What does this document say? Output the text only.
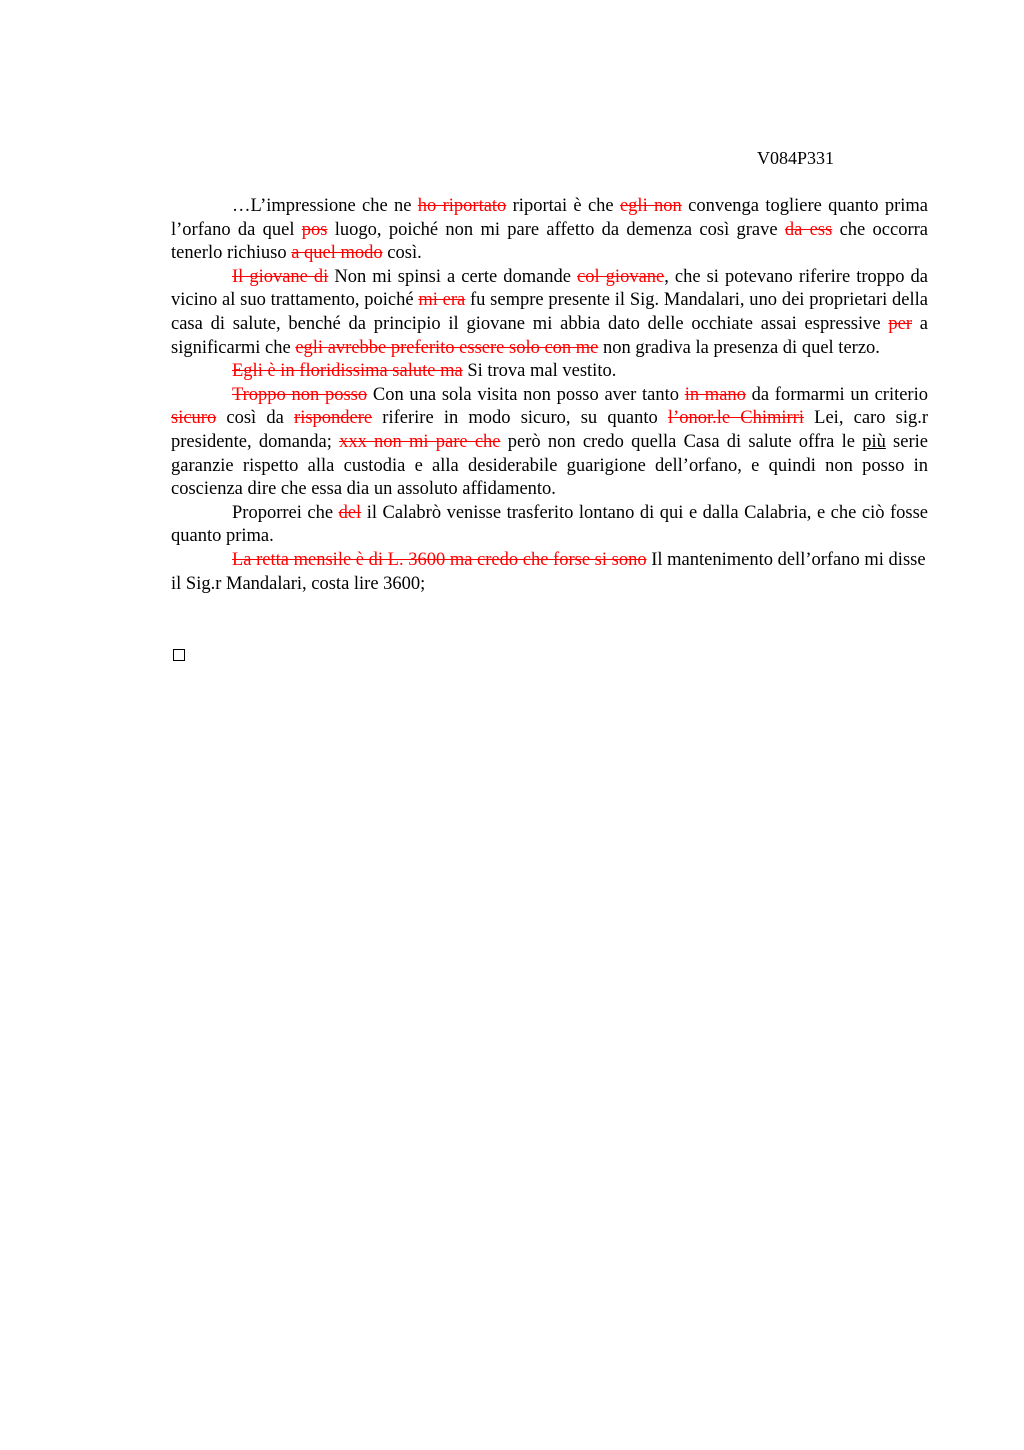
V084P331

…L’impressione che ne ho riportato riportai è che egli non convenga togliere quanto prima l’orfano da quel pos luogo, poiché non mi pare affetto da demenza così grave da ess che occorra tenerlo richiuso a quel modo così.

Il giovane di Non mi spinsi a certe domande col giovane, che si potevano riferire troppo da vicino al suo trattamento, poiché mi era fu sempre presente il Sig. Mandalari, uno dei proprietari della casa di salute, benché da principio il giovane mi abbia dato delle occhiate assai espressive per a significarmi che egli avrebbe preferito essere solo con me non gradiva la presenza di quel terzo.

Egli è in floridissima salute ma Si trova mal vestito.

Troppo non posso Con una sola visita non posso aver tanto in mano da formarmi un criterio sicuro così da rispondere riferire in modo sicuro, su quanto l’onor.le Chimirri Lei, caro sig.r presidente, domanda; xxx non mi pare che però non credo quella Casa di salute offra le più serie garanzie rispetto alla custodia e alla desiderabile guarigione dell’orfano, e quindi non posso in coscienza dire che essa dia un assoluto affidamento.

Proporrei che del il Calabrò venisse trasferito lontano di qui e dalla Calabria, e che ciò fosse quanto prima.

La retta mensile è di L. 3600 ma credo che forse si sono Il mantenimento dell’orfano mi disse il Sig.r Mandalari, costa lire 3600;
